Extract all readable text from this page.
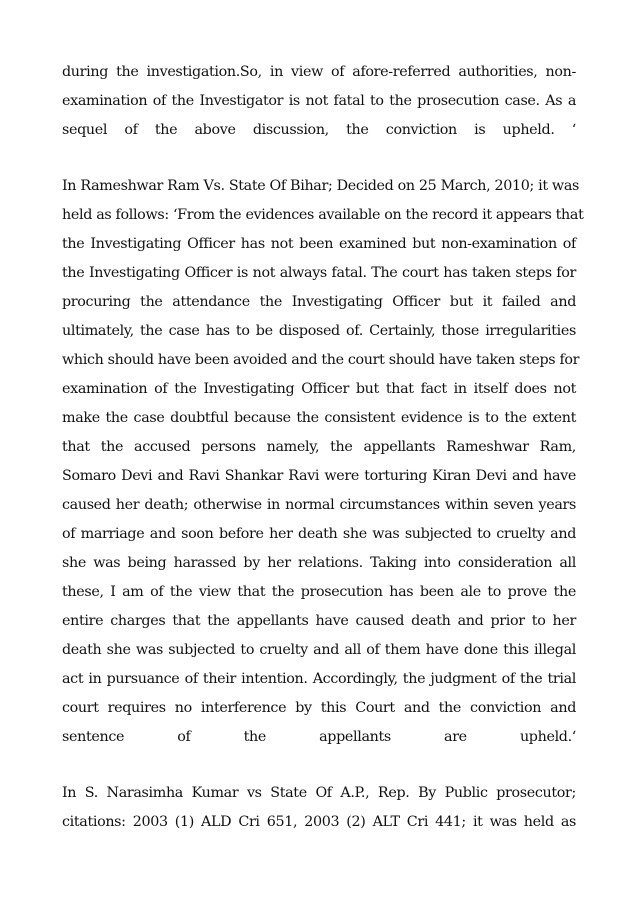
during the investigation.So, in view of afore-referred authorities, non-
examination of the Investigator is not fatal to the prosecution case. As a
sequel of the above discussion, the conviction is upheld. ‘
In Rameshwar Ram Vs. State Of Bihar; Decided on 25 March, 2010; it was
held as follows: ‘From the evidences available on the record it appears that
the Investigating Officer has not been examined but non-examination of
the Investigating Officer is not always fatal. The court has taken steps for
procuring the attendance the Investigating Officer but it failed and
ultimately, the case has to be disposed of. Certainly, those irregularities
which should have been avoided and the court should have taken steps for
examination of the Investigating Officer but that fact in itself does not
make the case doubtful because the consistent evidence is to the extent
that the accused persons namely, the appellants Rameshwar Ram,
Somaro Devi and Ravi Shankar Ravi were torturing Kiran Devi and have
caused her death; otherwise in normal circumstances within seven years
of marriage and soon before her death she was subjected to cruelty and
she was being harassed by her relations. Taking into consideration all
these, I am of the view that the prosecution has been ale to prove the
entire charges that the appellants have caused death and prior to her
death she was subjected to cruelty and all of them have done this illegal
act in pursuance of their intention. Accordingly, the judgment of the trial
court requires no interference by this Court and the conviction and
sentence of the appellants are upheld.‘
In S. Narasimha Kumar vs State Of A.P., Rep. By Public prosecutor;
citations: 2003 (1) ALD Cri 651, 2003 (2) ALT Cri 441; it was held as
